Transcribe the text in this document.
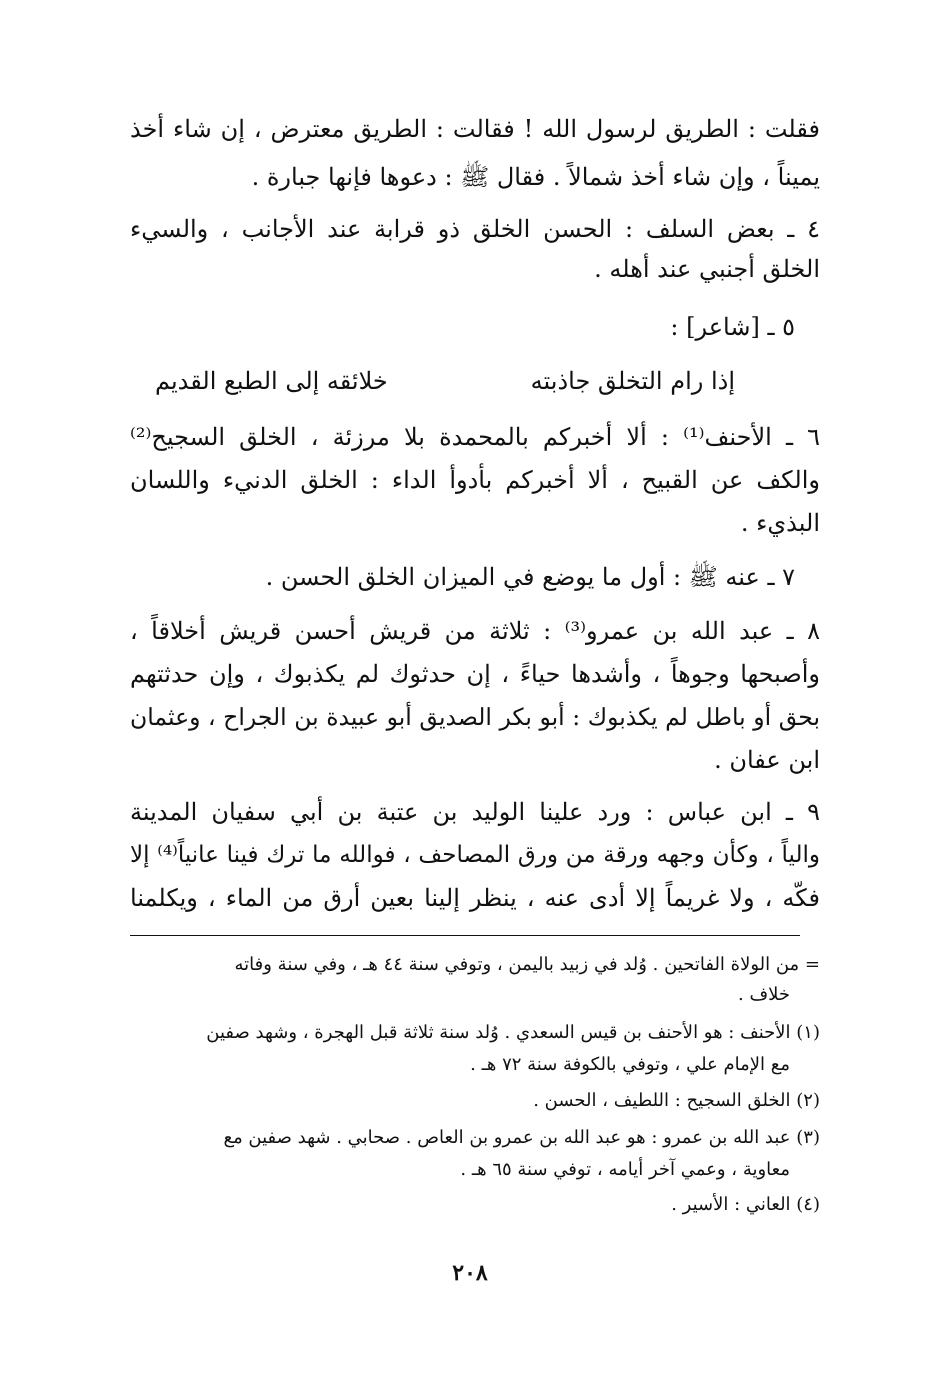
فقلت : الطريق لرسول الله ! فقالت : الطريق معترض ، إن شاء أخذ
يميناً ، وإن شاء أخذ شمالاً . فقال ﷺ : دعوها فإنها جبارة .
٤ ـ بعض السلف : الحسن الخلق ذو قرابة عند الأجانب ، والسيء
الخلق أجنبي عند أهله .
٥ ـ [شاعر] :
إذا رام التخلق جاذبته
خلائقه إلى الطبع القديم
٦ ـ الأحنف⁽¹⁾ : ألا أخبركم بالمحمدة بلا مرزئة ، الخلق السجيح⁽²⁾
والكف عن القبيح ، ألا أخبركم بأدوأ الداء : الخلق الدنيء واللسان
البذيء .
٧ ـ عنه ﷺ : أول ما يوضع في الميزان الخلق الحسن .
٨ ـ عبد الله بن عمرو⁽³⁾ : ثلاثة من قريش أحسن قريش أخلاقاً ،
وأصبحها وجوهاً ، وأشدها حياءً ، إن حدثوك لم يكذبوك ، وإن حدثتهم
بحق أو باطل لم يكذبوك : أبو بكر الصديق أبو عبيدة بن الجراح ، وعثمان
ابن عفان .
٩ ـ ابن عباس : ورد علينا الوليد بن عتبة بن أبي سفيان المدينة
والياً ، وكأن وجهه ورقة من ورق المصاحف ، فوالله ما ترك فينا عانياً⁽⁴⁾ إلا
فكّه ، ولا غريماً إلا أدى عنه ، ينظر إلينا بعين أرق من الماء ، ويكلمنا
= من الولاة الفاتحين . وُلد في زبيد باليمن ، وتوفي سنة ٤٤ هـ ، وفي سنة وفاته
خلاف .
(١) الأحنف : هو الأحنف بن قيس السعدي . وُلد سنة ثلاثة قبل الهجرة ، وشهد صفين
مع الإمام علي ، وتوفي بالكوفة سنة ٧٢ هـ .
(٢) الخلق السجيح : اللطيف ، الحسن .
(٣) عبد الله بن عمرو : هو عبد الله بن عمرو بن العاص . صحابي . شهد صفين مع
معاوية ، وعمي آخر أيامه ، توفي سنة ٦٥ هـ .
(٤) العاني : الأسير .
٢٠٨
